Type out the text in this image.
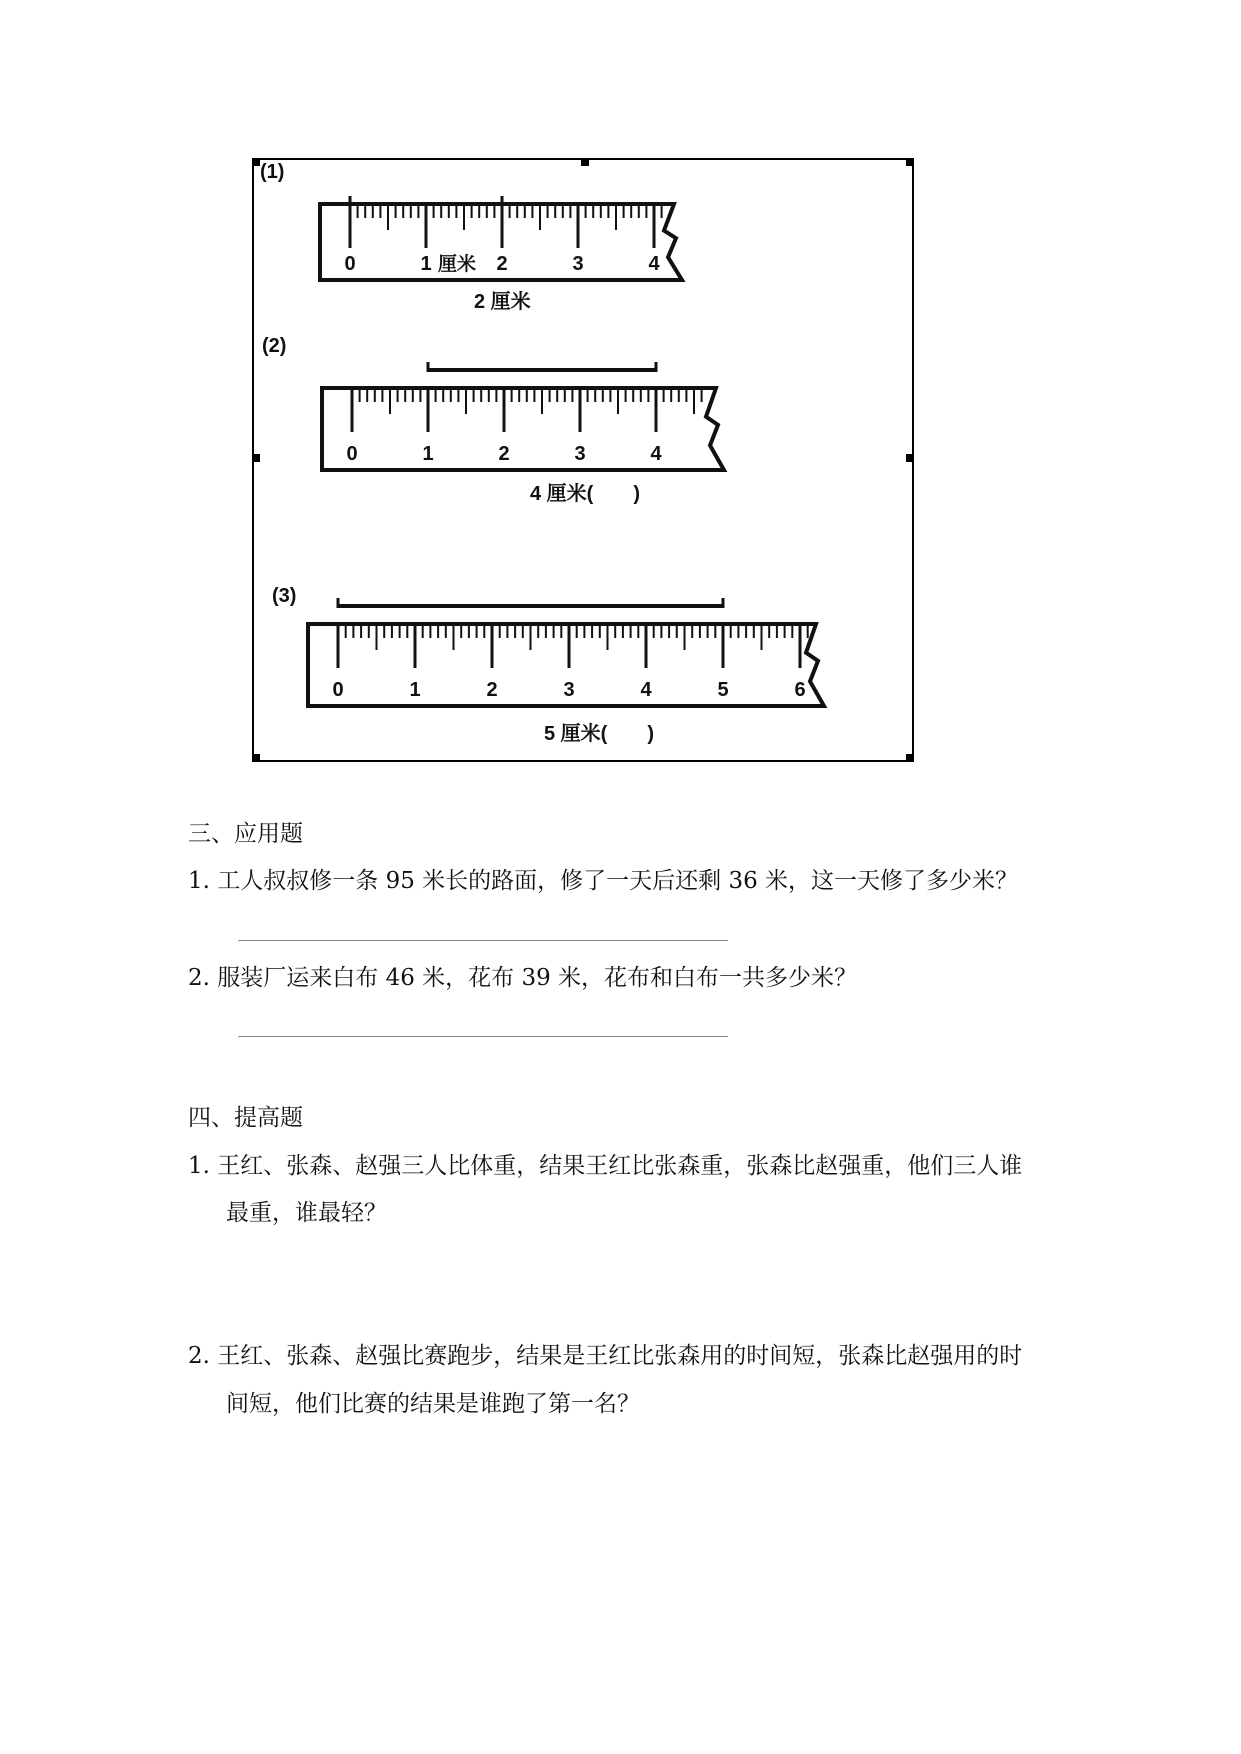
(1)
0	1	2	3	4
厘米
2 厘米
(2)
0	1	2	3	4
4 厘米(　　)
(3)
0	1	2	3	4	5	6
5 厘米(　　)
三、应用题
1. 工人叔叔修一条 95 米长的路面，修了一天后还剩 36 米，这一天修了多少米？
2. 服装厂运来白布 46 米，花布 39 米，花布和白布一共多少米？
四、提高题
1. 王红、张森、赵强三人比体重，结果王红比张森重，张森比赵强重，他们三人谁
最重，谁最轻？
2. 王红、张森、赵强比赛跑步，结果是王红比张森用的时间短，张森比赵强用的时
间短，他们比赛的结果是谁跑了第一名？
